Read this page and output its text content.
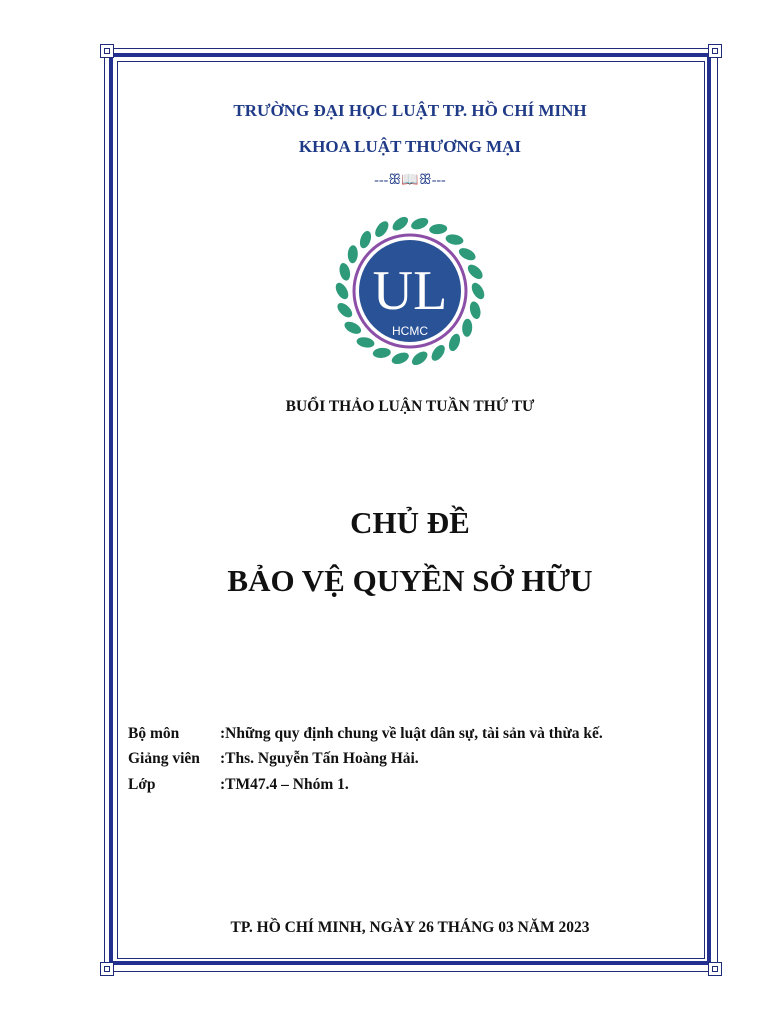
TRƯỜNG ĐẠI HỌC LUẬT TP. HỒ CHÍ MINH
KHOA LUẬT THƯƠNG MẠI
---ꕥ📖ꕥ---
UL
HCMC
BUỔI THẢO LUẬN TUẦN THỨ TƯ
CHỦ ĐỀ
BẢO VỆ QUYỀN SỞ HỮU
Bộ môn	:Những quy định chung về luật dân sự, tài sản và thừa kế.
Giảng viên :Ths. Nguyễn Tấn Hoàng Hải.
Lớp	:TM47.4 – Nhóm 1.
TP. HỒ CHÍ MINH, NGÀY 26 THÁNG 03 NĂM 2023
